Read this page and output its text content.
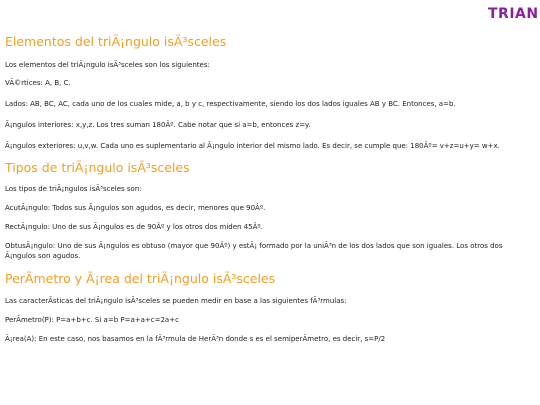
TRIAN
Elementos del triÃ¡ngulo isÃ³sceles

Los elementos del triÃ¡ngulo isÃ³sceles son los siguientes:

VÃ©rtices: A, B, C.

Lados: AB, BC, AC, cada uno de los cuales mide, a, b y c, respectivamente, siendo los dos lados iguales AB y BC. Entonces, a=b.

Ã¡ngulos interiores: x,y,z. Los tres suman 180Âº. Cabe notar que si a=b, entonces z=y.

Ã¡ngulos exteriores: u,v,w. Cada uno es suplementario al Ã¡ngulo interior del mismo lado. Es decir, se cumple que: 180Âº= v+z=u+y= w+x.

Tipos de triÃ¡ngulo isÃ³sceles

Los tipos de triÃ¡ngulos isÃ³sceles son:

AcutÃ¡ngulo: Todos sus Ã¡ngulos son agudos, es decir, menores que 90Âº.

RectÃ¡ngulo: Uno de sus Ã¡ngulos es de 90Âº y los otros dos miden 45Âº.

ObtusÃ¡ngulo: Uno de sus Ã¡ngulos es obtuso (mayor que 90Âº) y estÃ¡ formado por la uniÃ³n de los dos lados que son iguales. Los otros dos Ã¡ngulos son agudos.

PerÃmetro y Ã¡rea del triÃ¡ngulo isÃ³sceles

Las caracterÃsticas del triÃ¡ngulo isÃ³sceles se pueden medir en base a las siguientes fÃ³rmulas:

PerÃmetro(P): P=a+b+c. Si a=b P=a+a+c=2a+c

Ã¡rea(A): En este caso, nos basamos en la fÃ³rmula de HerÃ³n donde s es el semiperÃmetro, es decir, s=P/2
